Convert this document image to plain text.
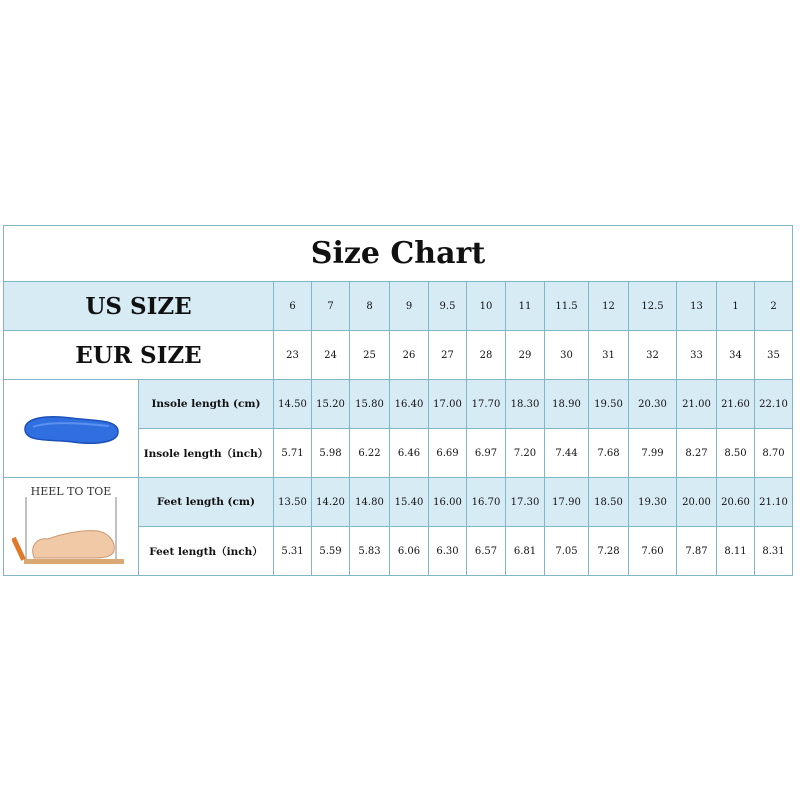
Size Chart														
US SIZE		6	7	8	9	9.5	10	11	11.5	12	12.5	13	1	2
EUR SIZE		23	24	25	26	27	28	29	30	31	32	33	34	35

	Insole length (cm)	14.50	15.20	15.80	16.40	17.00	17.70	18.30	18.90	19.50	20.30	21.00	21.60	22.10
	Insole length（inch）	5.71	5.98	6.22	6.46	6.69	6.97	7.20	7.44	7.68	7.99	8.27	8.50	8.70

HEEL TO TOE	Feet length (cm)	13.50	14.20	14.80	15.40	16.00	16.70	17.30	17.90	18.50	19.30	20.00	20.60	21.10
	Feet length（inch）	5.31	5.59	5.83	6.06	6.30	6.57	6.81	7.05	7.28	7.60	7.87	8.11	8.31
